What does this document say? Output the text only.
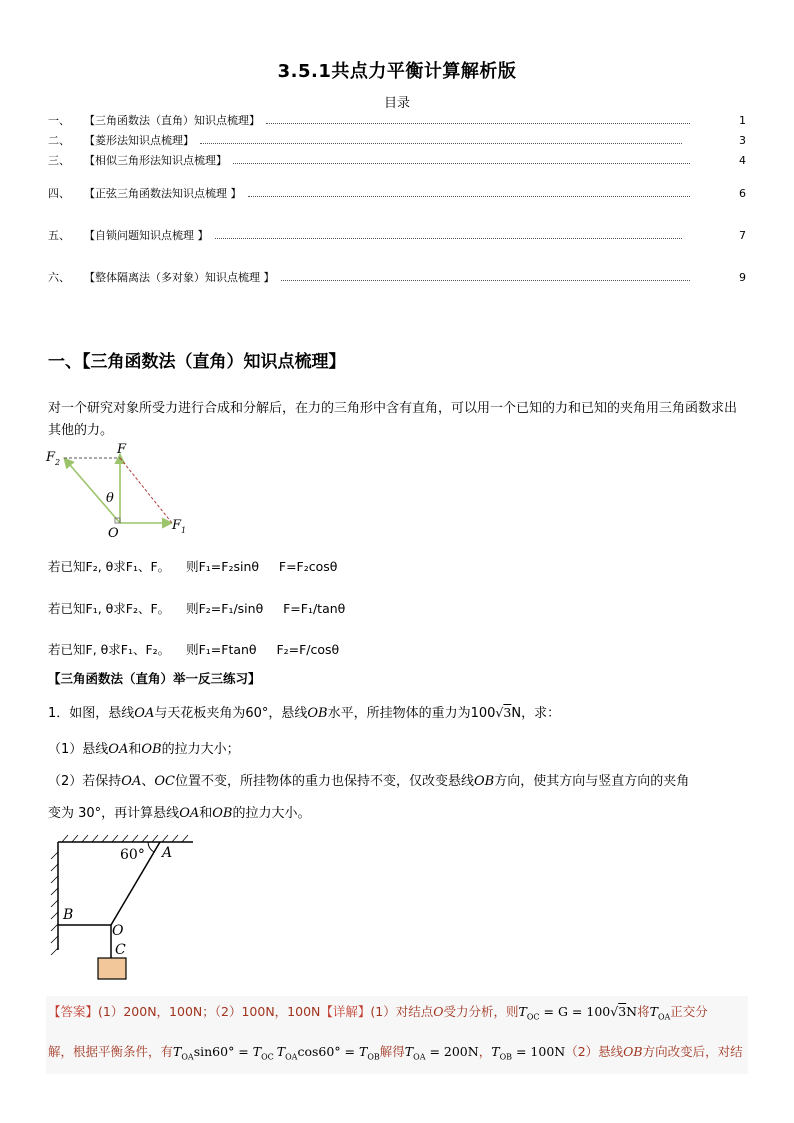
3.5.1共点力平衡计算解析版
目录
一、	【三角函数法（直角）知识点梳理】	1
二、	【菱形法知识点梳理】	3
三、	【相似三角形法知识点梳理】	4
四、	【正弦三角函数法知识点梳理 】	6
五、	【自锁问题知识点梳理 】	7
六、	【整体隔离法（多对象）知识点梳理 】	9
一、【三角函数法（直角）知识点梳理】
对一个研究对象所受力进行合成和分解后，在力的三角形中含有直角，可以用一个已知的力和已知的夹角用三角函数求出其他的力。
$F_2$
F
θ
O
$F_1$
若已知F₂, θ求F₁、F。    则F₁=F₂sinθ     F=F₂cosθ
若已知F₁, θ求F₂、F。    则F₂=F₁/sinθ     F=F₁/tanθ
若已知F, θ求F₁、F₂。    则F₁=Ftanθ     F₂=F/cosθ
【三角函数法（直角）举一反三练习】
1．如图，悬线OA与天花板夹角为60°，悬线OB水平，所挂物体的重力为100√3N，求：
（1）悬线OA和OB的拉力大小；
（2）若保持OA、OC位置不变，所挂物体的重力也保持不变，仅改变悬线OB方向，使其方向与竖直方向的夹角
变为 30°，再计算悬线OA和OB的拉力大小。
60° A
B
O
C
【答案】(1）200N，100N；（2）100N，100N【详解】(1）对结点O受力分析，则$T_{OC} = G = 100√3N$将$T_{OA}$正交分
解，根据平衡条件，有$T_{OA}\sin 60^\circ = T_{OC}$ $T_{OA}\cos 60^\circ = T_{OB}$解得$T_{OA} = 200N$，$T_{OB} = 100N(2)$悬线OB方向改变后，对结
